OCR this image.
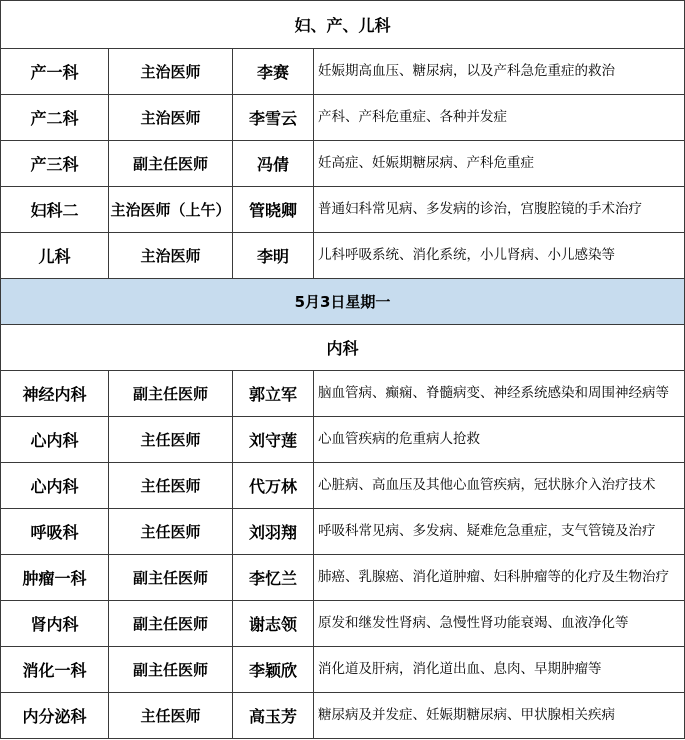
妇、产、儿科			
产一科	主治医师	李赛	妊娠期高血压、糖尿病，以及产科急危重症的救治
产二科	主治医师	李雪云	产科、产科危重症、各种并发症
产三科	副主任医师	冯倩	妊高症、妊娠期糖尿病、产科危重症
妇科二	主治医师（上午）	管晓卿	普通妇科常见病、多发病的诊治，宫腹腔镜的手术治疗
儿科	主治医师	李明	儿科呼吸系统、消化系统，小儿肾病、小儿感染等
5月3日星期一			
内科			
神经内科	副主任医师	郭立军	脑血管病、癫痫、脊髓病变、神经系统感染和周围神经病等
心内科	主任医师	刘守莲	心血管疾病的危重病人抢救
心内科	主任医师	代万林	心脏病、高血压及其他心血管疾病，冠状脉介入治疗技术
呼吸科	主任医师	刘羽翔	呼吸科常见病、多发病、疑难危急重症，支气管镜及治疗
肿瘤一科	副主任医师	李忆兰	肺癌、乳腺癌、消化道肿瘤、妇科肿瘤等的化疗及生物治疗
肾内科	副主任医师	谢志领	原发和继发性肾病、急慢性肾功能衰竭、血液净化等
消化一科	副主任医师	李颖欣	消化道及肝病，消化道出血、息肉、早期肿瘤等
内分泌科	主任医师	高玉芳	糖尿病及并发症、妊娠期糖尿病、甲状腺相关疾病
